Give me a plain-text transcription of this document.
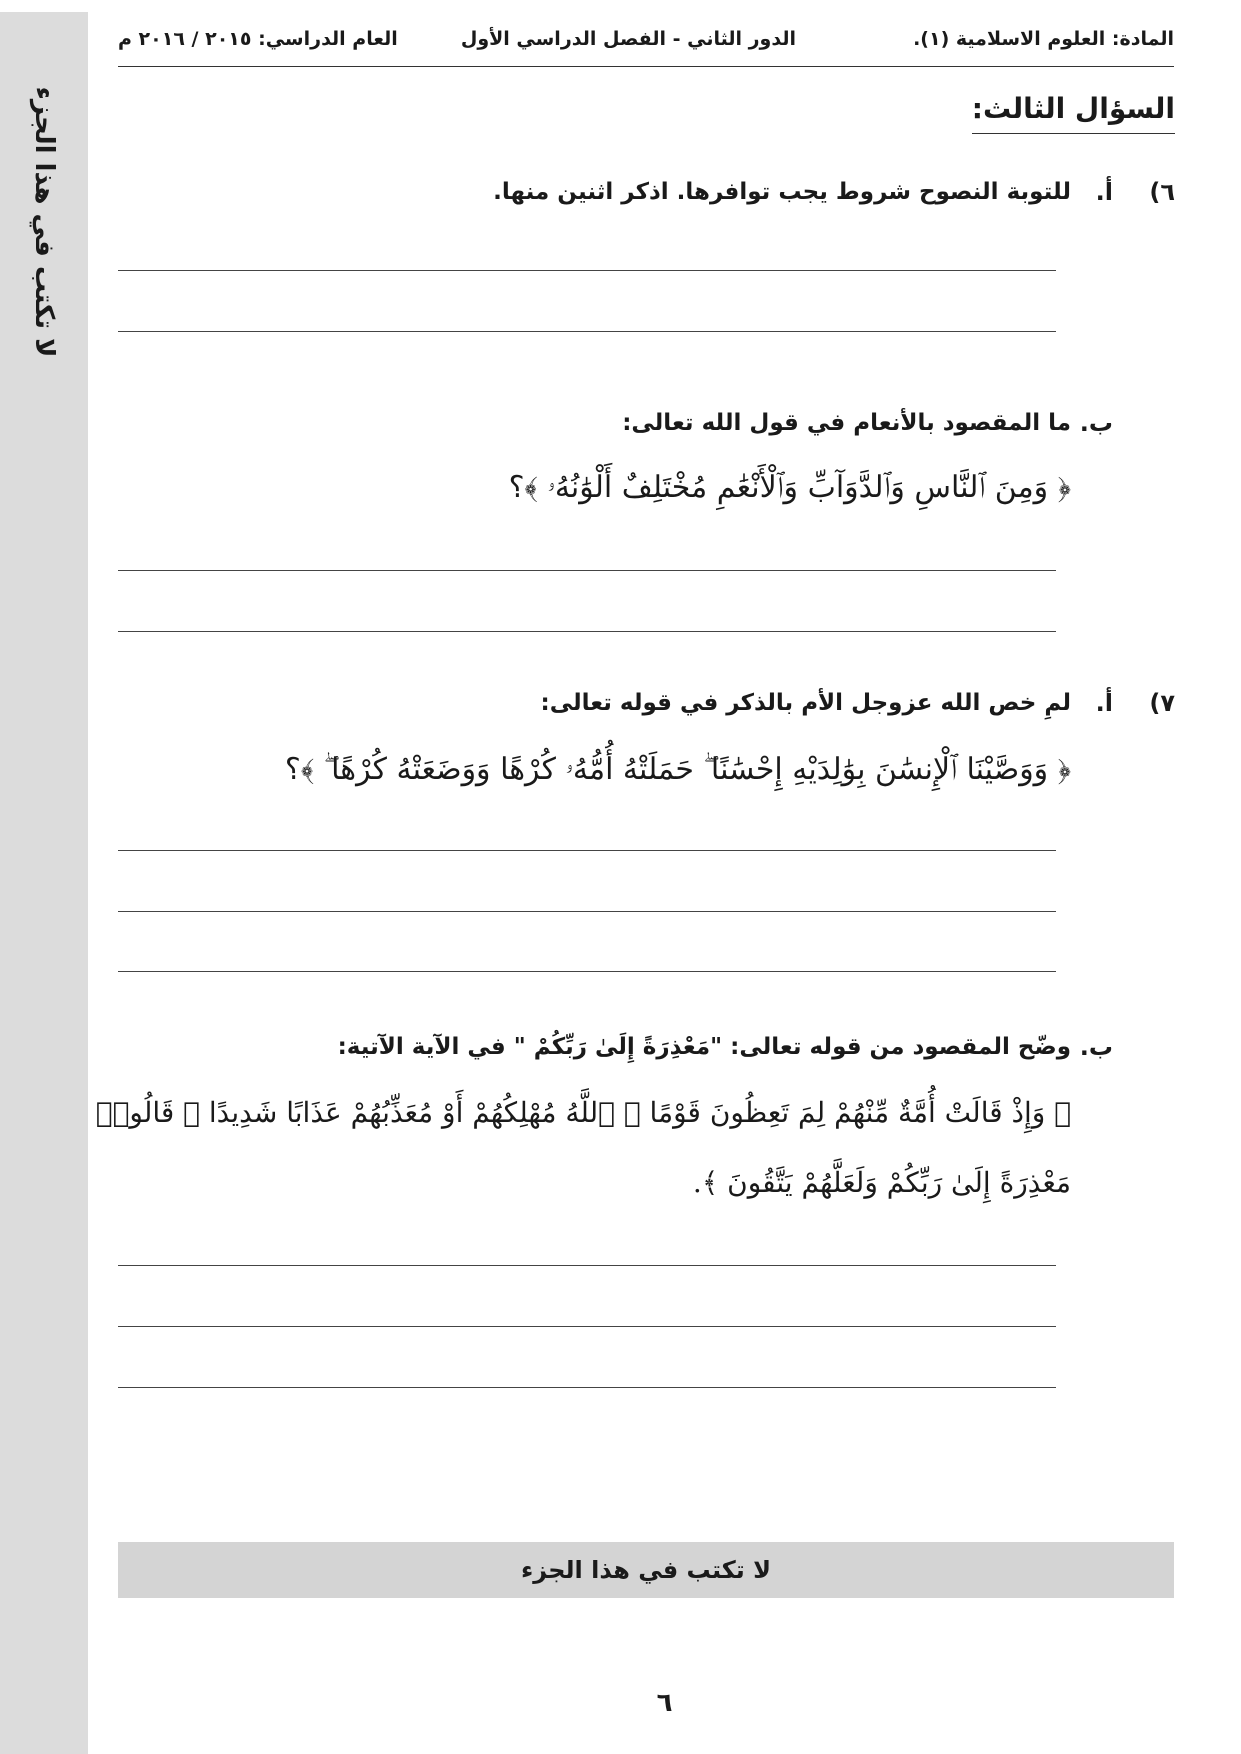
لا تكتب في هذا الجزء
المادة: العلوم الاسلامية (١).
الدور الثاني - الفصل الدراسي الأول
العام الدراسي: ٢٠١٥ / ٢٠١٦ م
السؤال الثالث:
٦)
أ.
للتوبة النصوح شروط يجب توافرها. اذكر اثنين منها.
ب.
ما المقصود بالأنعام في قول الله تعالى:
﴿ وَمِنَ ٱلنَّاسِ وَٱلدَّوَآبِّ وَٱلْأَنْعَٰمِ مُخْتَلِفٌ أَلْوَٰنُهُۥ ﴾؟
٧)
أ.
لمِ خص الله عزوجل الأم بالذكر في قوله تعالى:
﴿ وَوَصَّيْنَا ٱلْإِنسَٰنَ بِوَٰلِدَيْهِ إِحْسَٰنًا ۖ حَمَلَتْهُ أُمُّهُۥ كُرْهًا وَوَضَعَتْهُ كُرْهًا ۖ ﴾؟
ب.
وضّح المقصود من قوله تعالى: "مَعْذِرَةً إِلَىٰ رَبِّكُمْ " في الآية الآتية:
﴿ وَإِذْ قَالَتْ أُمَّةٌ مِّنْهُمْ لِمَ تَعِظُونَ قَوْمًا ۙ ٱللَّهُ مُهْلِكُهُمْ أَوْ مُعَذِّبُهُمْ عَذَابًا شَدِيدًا ۖ قَالُوا۟
مَعْذِرَةً إِلَىٰ رَبِّكُمْ وَلَعَلَّهُمْ يَتَّقُونَ ﴾.
لا تكتب في هذا الجزء
٦
